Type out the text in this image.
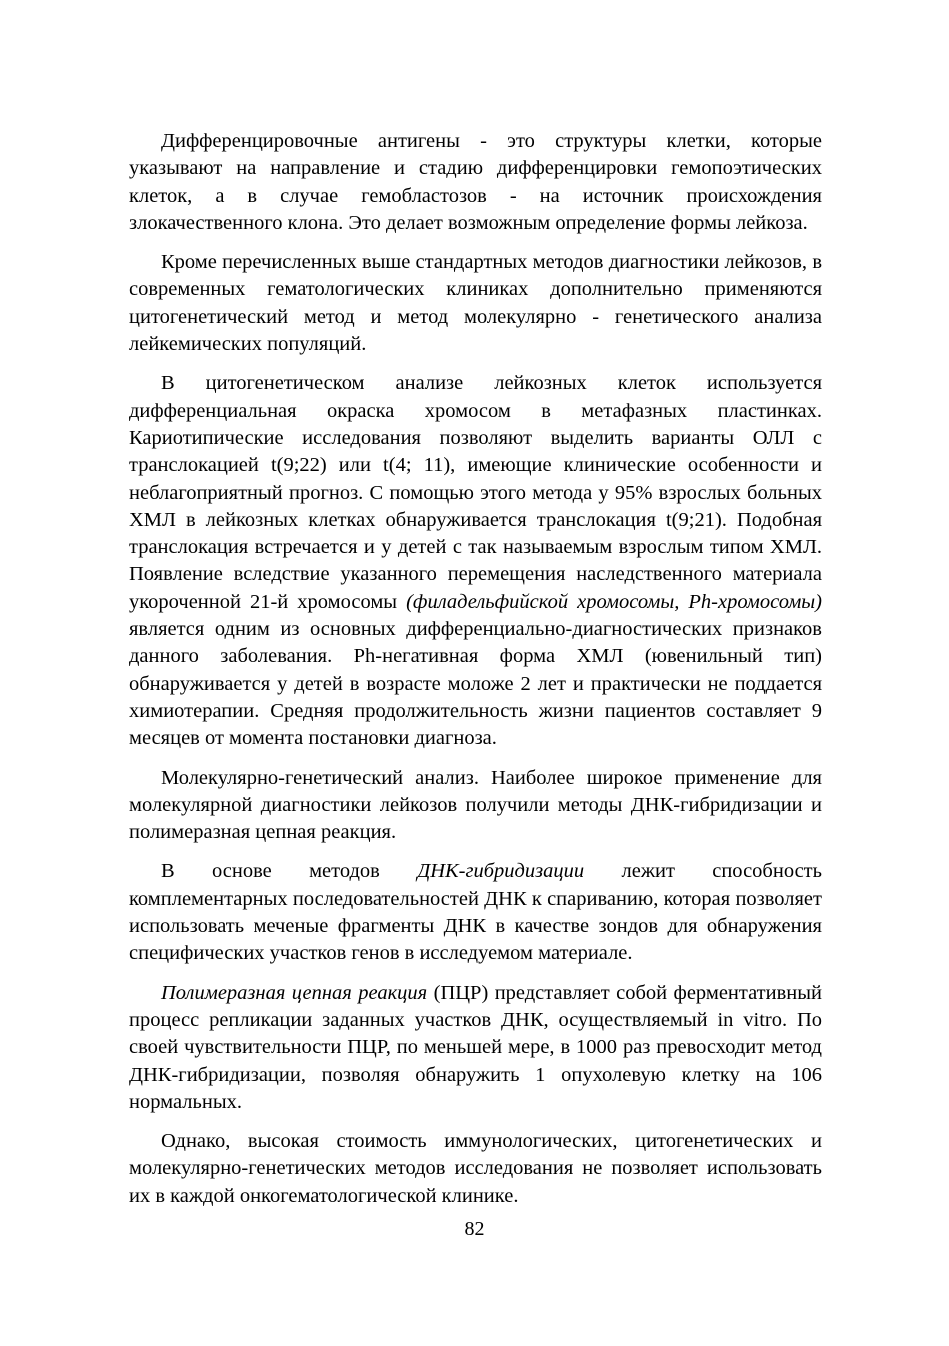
Дифференцировочные антигены - это структуры клетки, которые указывают на направление и стадию дифференцировки гемопоэтических клеток, а в случае гемобластозов - на источник происхождения злокачественного клона. Это делает возможным определение формы лейкоза.

Кроме перечисленных выше стандартных методов диагностики лейкозов, в современных гематологических клиниках дополнительно применяются цитогенетический метод и метод молекулярно - генетического анализа лейкемических популяций.

В цитогенетическом анализе лейкозных клеток используется дифференциальная окраска хромосом в метафазных пластинках. Кариотипические исследования позволяют выделить варианты ОЛЛ с транслокацией t(9;22) или t(4; 11), имеющие клинические особенности и неблагоприятный прогноз. С помощью этого метода у 95% взрослых больных ХМЛ в лейкозных клетках обнаруживается транслокация t(9;21). Подобная транслокация встречается и у детей с так называемым взрослым типом ХМЛ. Появление вследствие указанного перемещения наследственного материала укороченной 21-й хромосомы (филадельфийской хромосомы, Ph-хромосомы) является одним из основных дифференциально-диагностических признаков данного заболевания. Ph-негативная форма ХМЛ (ювенильный тип) обнаруживается у детей в возрасте моложе 2 лет и практически не поддается химиотерапии. Средняя продолжительность жизни пациентов составляет 9 месяцев от момента постановки диагноза.

Молекулярно-генетический анализ. Наиболее широкое применение для молекулярной диагностики лейкозов получили методы ДНК-гибридизации и полимеразная цепная реакция.

В основе методов ДНК-гибридизации лежит способность комплементарных последовательностей ДНК к спариванию, которая позволяет использовать меченые фрагменты ДНК в качестве зондов для обнаружения специфических участков генов в исследуемом материале.

Полимеразная цепная реакция (ПЦР) представляет собой ферментативный процесс репликации заданных участков ДНК, осуществляемый in vitro. По своей чувствительности ПЦР, по меньшей мере, в 1000 раз превосходит метод ДНК-гибридизации, позволяя обнаружить 1 опухолевую клетку на 106 нормальных.

Однако, высокая стоимость иммунологических, цитогенетических и молекулярно-генетических методов исследования не позволяет использовать их в каждой онкогематологической клинике.

82
